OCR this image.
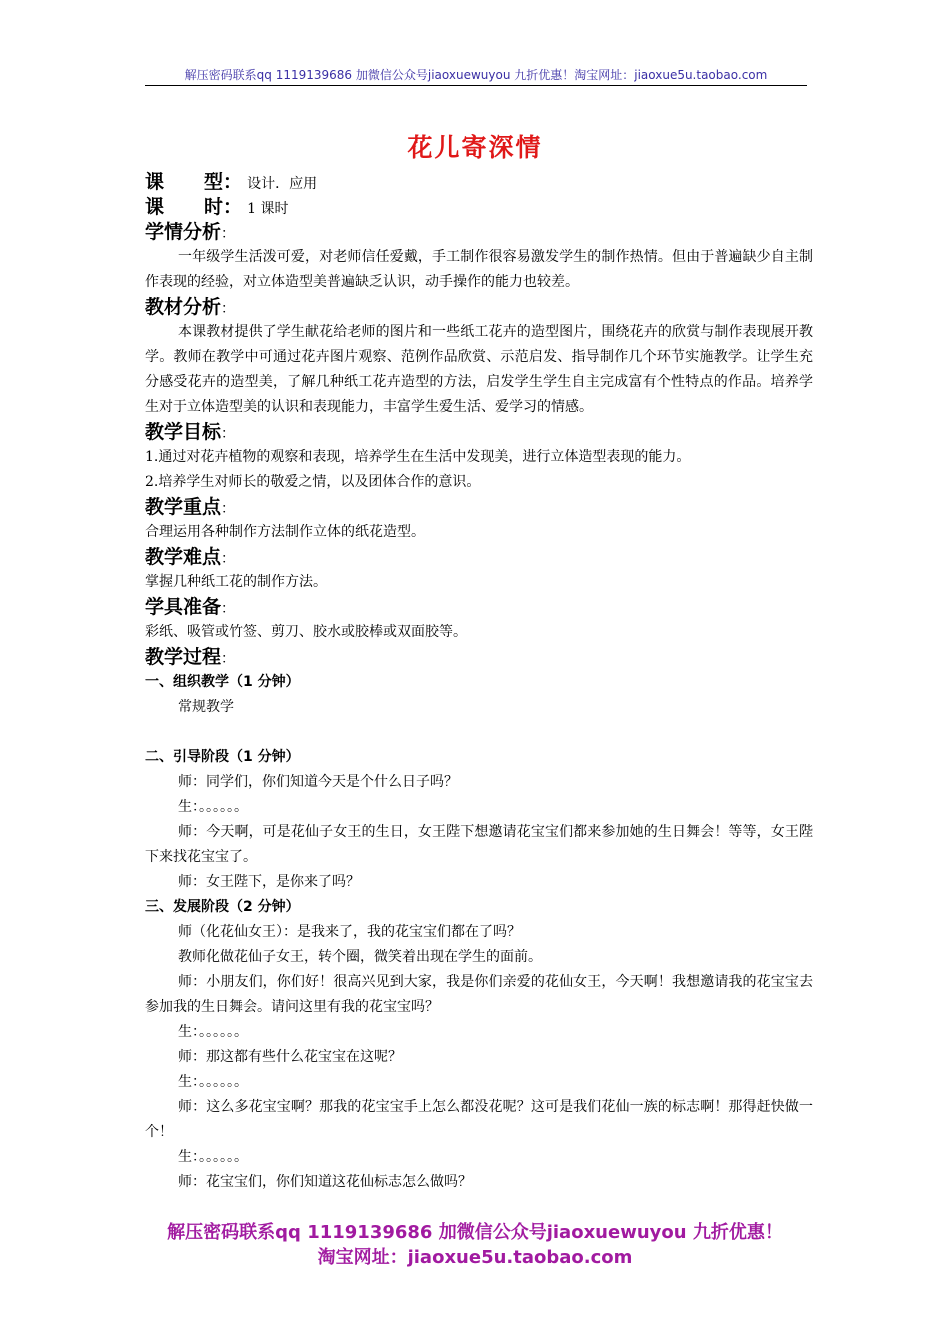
解压密码联系qq 1119139686 加微信公众号jiaoxuewuyou 九折优惠！淘宝网址：jiaoxue5u.taobao.com
花儿寄深情
课 型： 设计．应用
课 时： 1 课时
学情分析：
一年级学生活泼可爱，对老师信任爱戴，手工制作很容易激发学生的制作热情。但由于普遍缺少自主制作表现的经验，对立体造型美普遍缺乏认识，动手操作的能力也较差。
教材分析：
本课教材提供了学生献花给老师的图片和一些纸工花卉的造型图片，围绕花卉的欣赏与制作表现展开教学。教师在教学中可通过花卉图片观察、范例作品欣赏、示范启发、指导制作几个环节实施教学。让学生充分感受花卉的造型美，了解几种纸工花卉造型的方法，启发学生学生自主完成富有个性特点的作品。培养学生对于立体造型美的认识和表现能力，丰富学生爱生活、爱学习的情感。
教学目标：
1.通过对花卉植物的观察和表现，培养学生在生活中发现美，进行立体造型表现的能力。
2.培养学生对师长的敬爱之情，以及团体合作的意识。
教学重点：
合理运用各种制作方法制作立体的纸花造型。
教学难点：
掌握几种纸工花的制作方法。
学具准备：
彩纸、吸管或竹签、剪刀、胶水或胶棒或双面胶等。
教学过程：
一、组织教学（1 分钟）
常规教学
二、引导阶段（1 分钟）
师：同学们，你们知道今天是个什么日子吗？
生：。。。。。。
师：今天啊，可是花仙子女王的生日，女王陛下想邀请花宝宝们都来参加她的生日舞会！等等，女王陛下来找花宝宝了。
师：女王陛下，是你来了吗？
三、发展阶段（2 分钟）
师（化花仙女王）：是我来了，我的花宝宝们都在了吗？
教师化做花仙子女王，转个圈，微笑着出现在学生的面前。
师：小朋友们，你们好！很高兴见到大家，我是你们亲爱的花仙女王，今天啊！我想邀请我的花宝宝去参加我的生日舞会。请问这里有我的花宝宝吗？
生：。。。。。。
师：那这都有些什么花宝宝在这呢？
生：。。。。。。
师：这么多花宝宝啊？那我的花宝宝手上怎么都没花呢？这可是我们花仙一族的标志啊！那得赶快做一个！
生：。。。。。。
师：花宝宝们，你们知道这花仙标志怎么做吗？
解压密码联系qq 1119139686 加微信公众号jiaoxuewuyou 九折优惠！
淘宝网址：jiaoxue5u.taobao.com
